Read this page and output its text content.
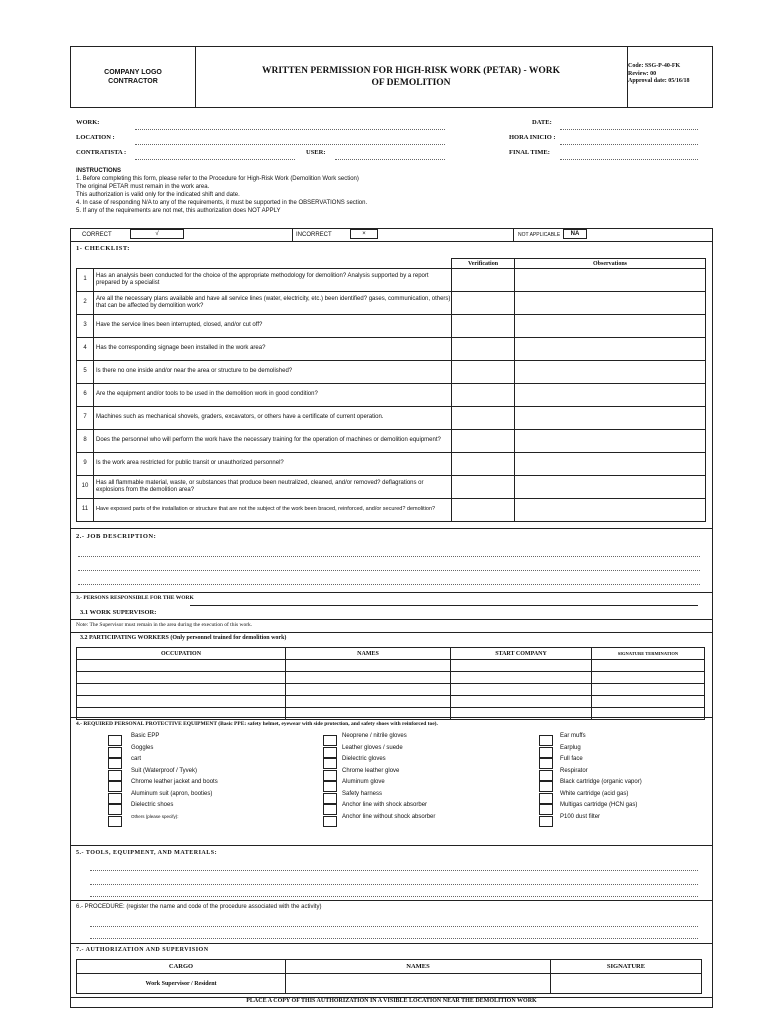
COMPANY LOGO
CONTRACTOR
WRITTEN PERMISSION FOR HIGH-RISK WORK (PETAR) - WORK
OF DEMOLITION
Code: SSG-P-40-FK
Review: 00
Approval date: 05/16/18
WORK:
LOCATION :
CONTRATISTA :	USER:
DATE:
HORA INICIO :
FINAL TIME:
INSTRUCTIONS
1. Before completing this form, please refer to the Procedure for High-Risk Work (Demolition Work section)
The original PETAR must remain in the work area.
This authorization is valid only for the indicated shift and date.
4. In case of responding N/A to any of the requirements, it must be supported in the OBSERVATIONS section.
5. If any of the requirements are not met, this authorization does NOT APPLY
CORRECT	√	INCORRECT	×	NOT APPLICABLE	NA
1- CHECKLIST:
		Verification	Observations
1	Has an analysis been conducted for the choice of the appropriate methodology for demolition? Analysis supported by a report prepared by a specialist		
2	Are all the necessary plans available and have all service lines (water, electricity, etc.) been identified? gases, communication, others) that can be affected by demolition work?		
3	Have the service lines been interrupted, closed, and/or cut off?		
4	Has the corresponding signage been installed in the work area?		
5	Is there no one inside and/or near the area or structure to be demolished?		
6	Are the equipment and/or tools to be used in the demolition work in good condition?		
7	Machines such as mechanical shovels, graders, excavators, or others have a certificate of current operation.		
8	Does the personnel who will perform the work have the necessary training for the operation of machines or demolition equipment?		
9	Is the work area restricted for public transit or unauthorized personnel?		
10	Has all flammable material, waste, or substances that produce been neutralized, cleaned, and/or removed? deflagrations or explosions from the demolition area?		
11	Have exposed parts of the installation or structure that are not the subject of the work been braced, reinforced, and/or secured? demolition?		
2.- JOB DESCRIPTION:
3.- PERSONS RESPONSIBLE FOR THE WORK
3.1 WORK SUPERVISOR:
Note: The Supervisor must remain in the area during the execution of this work.
3.2 PARTICIPATING WORKERS (Only personnel trained for demolition work)
OCCUPATION	NAMES	START COMPANY	SIGNATURE TERMINATION

4.- REQUIRED PERSONAL PROTECTIVE EQUIPMENT (Basic PPE: safety helmet, eyewear with side protection, and safety shoes with reinforced toe).
Basic EPP
Goggles
cart
Suit (Waterproof / Tyvek)
Chrome leather jacket and boots
Aluminum suit (apron, booties)
Dielectric shoes
Others (please specify):
Neoprene / nitrile gloves
Leather gloves / suede
Dielectric gloves
Chrome leather glove
Aluminum glove
Safety harness
Anchor line with shock absorber
Anchor line without shock absorber
Ear muffs
Earplug
Full face
Respirator
Black cartridge (organic vapor)
White cartridge (acid gas)
Multigas cartridge (HCN gas)
P100 dust filter
5.- TOOLS, EQUIPMENT, AND MATERIALS:
6.- PROCEDURE: (register the name and code of the procedure associated with the activity)
7.- AUTHORIZATION AND SUPERVISION
CARGO	NAMES	SIGNATURE
Work Supervisor / Resident		
PLACE A COPY OF THIS AUTHORIZATION IN A VISIBLE LOCATION NEAR THE DEMOLITION WORK
